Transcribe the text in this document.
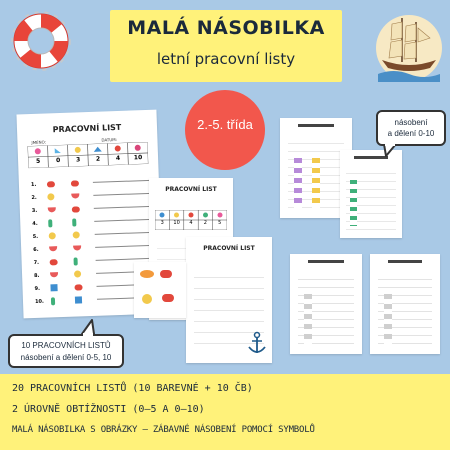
MALÁ NÁSOBILKA
letní pracovní listy
PRACOVNÍ LIST
JMÉNO:	DATUM:
5	0	3	2	4	10
1.
2.
3.
4.
5.
6.
7.
8.
9.
10.
PRACOVNÍ LIST
3	10	4	2	5
PRACOVNÍ LIST
2.-5. třída	násobení
a dělení 0-10
10 PRACOVNÍCH LISTŮ
násobení a dělení 0-5, 10
20 PRACOVNÍCH LISTŮ (10 BAREVNÉ + 10 ČB)
2 ÚROVNĚ OBTÍŽNOSTI (0–5 A 0–10)
MALÁ NÁSOBILKA S OBRÁZKY – ZÁBAVNÉ NÁSOBENÍ POMOCÍ SYMBOLŮ
